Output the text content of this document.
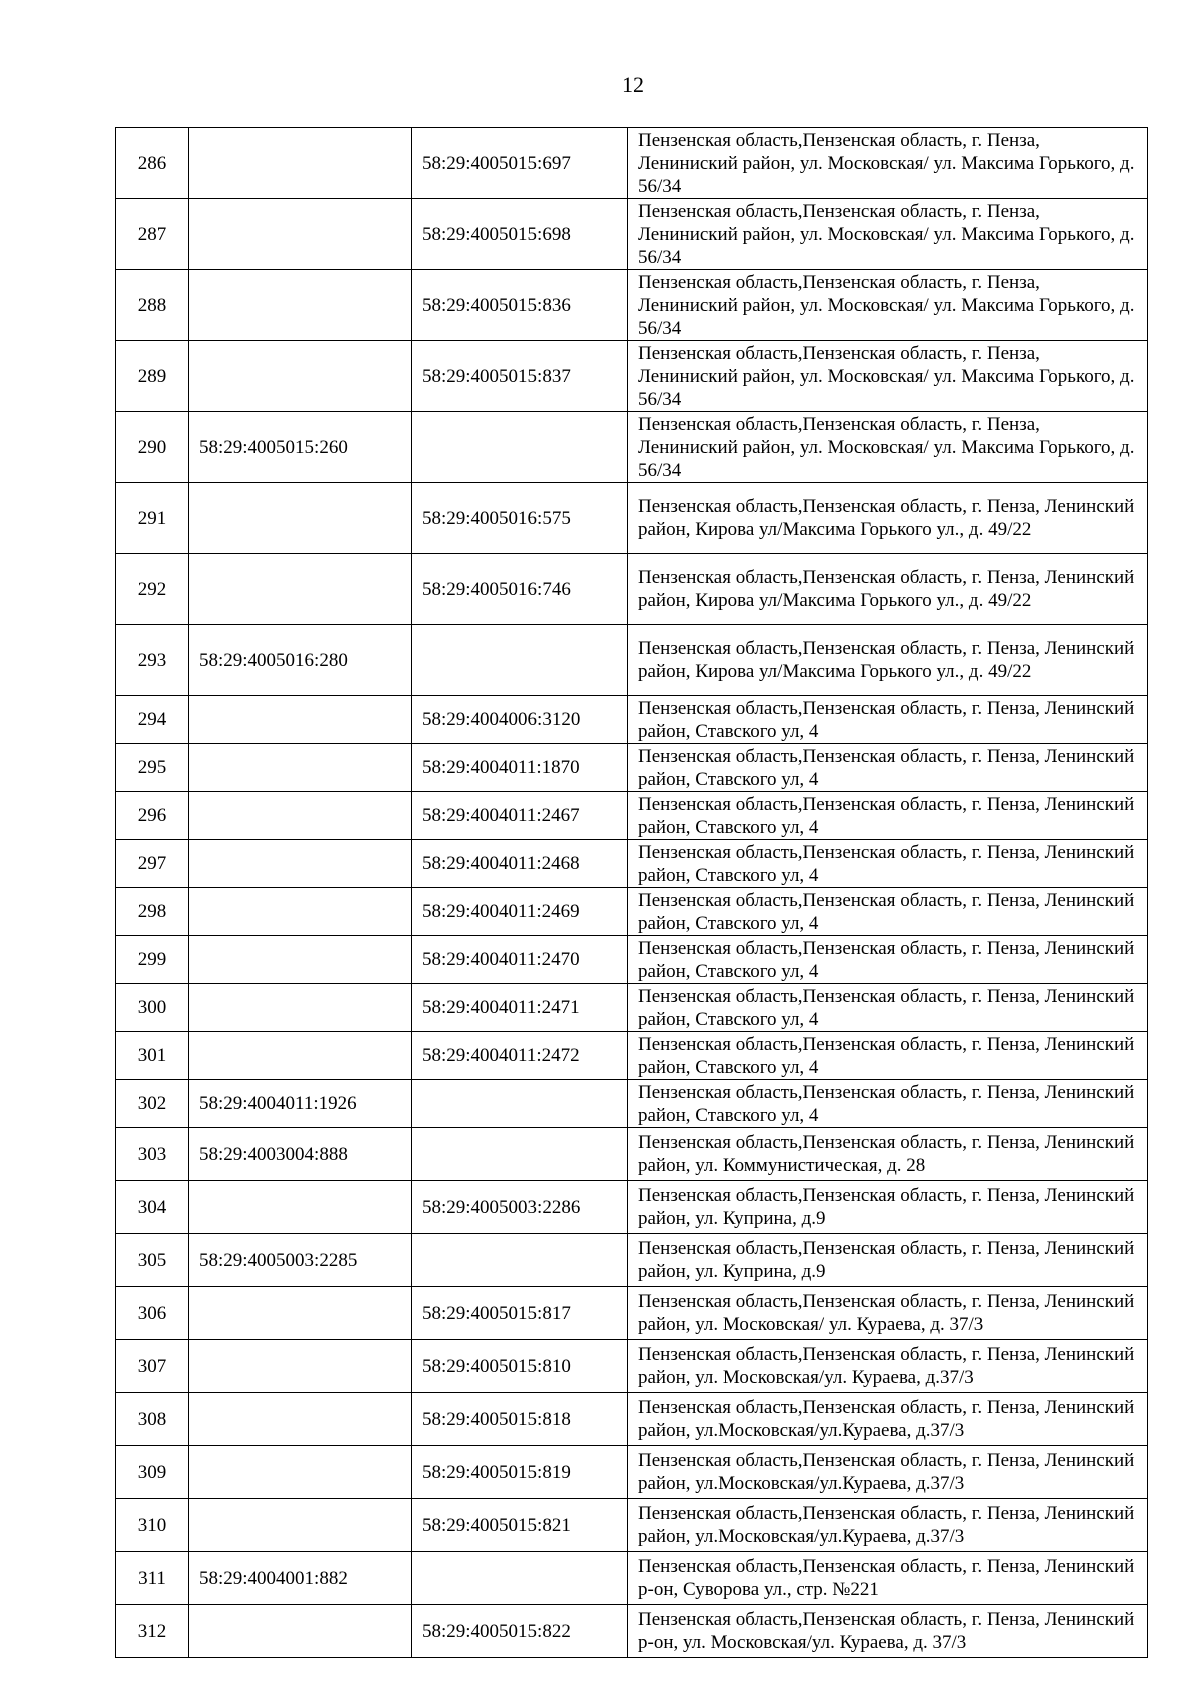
12
286		58:29:4005015:697	Пензенская область,Пензенская область, г. Пенза, Лениниский район, ул. Московская/ ул. Максима Горького, д. 56/34
287		58:29:4005015:698	Пензенская область,Пензенская область, г. Пенза, Лениниский район, ул. Московская/ ул. Максима Горького, д. 56/34
288		58:29:4005015:836	Пензенская область,Пензенская область, г. Пенза, Лениниский район, ул. Московская/ ул. Максима Горького, д. 56/34
289		58:29:4005015:837	Пензенская область,Пензенская область, г. Пенза, Лениниский район, ул. Московская/ ул. Максима Горького, д. 56/34
290	58:29:4005015:260		Пензенская область,Пензенская область, г. Пенза, Лениниский район, ул. Московская/ ул. Максима Горького, д. 56/34
291		58:29:4005016:575	Пензенская область,Пензенская область, г. Пенза, Ленинский район, Кирова ул/Максима Горького ул., д. 49/22
292		58:29:4005016:746	Пензенская область,Пензенская область, г. Пенза, Ленинский район, Кирова ул/Максима Горького ул., д. 49/22
293	58:29:4005016:280		Пензенская область,Пензенская область, г. Пенза, Ленинский район, Кирова ул/Максима Горького ул., д. 49/22
294		58:29:4004006:3120	Пензенская область,Пензенская область, г. Пенза, Ленинский район, Ставского ул, 4
295		58:29:4004011:1870	Пензенская область,Пензенская область, г. Пенза, Ленинский район, Ставского ул, 4
296		58:29:4004011:2467	Пензенская область,Пензенская область, г. Пенза, Ленинский район, Ставского ул, 4
297		58:29:4004011:2468	Пензенская область,Пензенская область, г. Пенза, Ленинский район, Ставского ул, 4
298		58:29:4004011:2469	Пензенская область,Пензенская область, г. Пенза, Ленинский район, Ставского ул, 4
299		58:29:4004011:2470	Пензенская область,Пензенская область, г. Пенза, Ленинский район, Ставского ул, 4
300		58:29:4004011:2471	Пензенская область,Пензенская область, г. Пенза, Ленинский район, Ставского ул, 4
301		58:29:4004011:2472	Пензенская область,Пензенская область, г. Пенза, Ленинский район, Ставского ул, 4
302	58:29:4004011:1926		Пензенская область,Пензенская область, г. Пенза, Ленинский район, Ставского ул, 4
303	58:29:4003004:888		Пензенская область,Пензенская область, г. Пенза, Ленинский район, ул. Коммунистическая, д. 28
304		58:29:4005003:2286	Пензенская область,Пензенская область, г. Пенза, Ленинский район, ул. Куприна, д.9
305	58:29:4005003:2285		Пензенская область,Пензенская область, г. Пенза, Ленинский район, ул. Куприна, д.9
306		58:29:4005015:817	Пензенская область,Пензенская область, г. Пенза, Ленинский район, ул. Московская/ ул. Кураева, д. 37/3
307		58:29:4005015:810	Пензенская область,Пензенская область, г. Пенза, Ленинский район, ул. Московская/ул. Кураева, д.37/3
308		58:29:4005015:818	Пензенская область,Пензенская область, г. Пенза, Ленинский район, ул.Московская/ул.Кураева, д.37/3
309		58:29:4005015:819	Пензенская область,Пензенская область, г. Пенза, Ленинский район, ул.Московская/ул.Кураева, д.37/3
310		58:29:4005015:821	Пензенская область,Пензенская область, г. Пенза, Ленинский район, ул.Московская/ул.Кураева, д.37/3
311	58:29:4004001:882		Пензенская область,Пензенская область, г. Пенза, Ленинский р-он, Суворова ул., стр. №221
312		58:29:4005015:822	Пензенская область,Пензенская область, г. Пенза, Ленинский р-он, ул. Московская/ул. Кураева, д. 37/3
